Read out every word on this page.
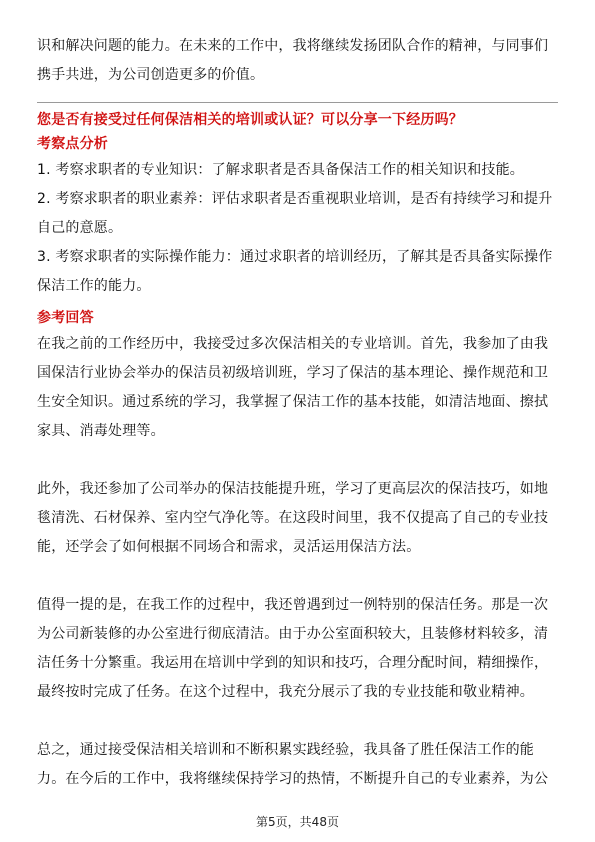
识和解决问题的能力。在未来的工作中，我将继续发扬团队合作的精神，与同事们携手共进，为公司创造更多的价值。

您是否有接受过任何保洁相关的培训或认证？可以分享一下经历吗？

考察点分析

1. 考察求职者的专业知识：了解求职者是否具备保洁工作的相关知识和技能。

2. 考察求职者的职业素养：评估求职者是否重视职业培训，是否有持续学习和提升自己的意愿。

3. 考察求职者的实际操作能力：通过求职者的培训经历，了解其是否具备实际操作保洁工作的能力。

参考回答

在我之前的工作经历中，我接受过多次保洁相关的专业培训。首先，我参加了由我国保洁行业协会举办的保洁员初级培训班，学习了保洁的基本理论、操作规范和卫生安全知识。通过系统的学习，我掌握了保洁工作的基本技能，如清洁地面、擦拭家具、消毒处理等。

此外，我还参加了公司举办的保洁技能提升班，学习了更高层次的保洁技巧，如地毯清洗、石材保养、室内空气净化等。在这段时间里，我不仅提高了自己的专业技能，还学会了如何根据不同场合和需求，灵活运用保洁方法。

值得一提的是，在我工作的过程中，我还曾遇到过一例特别的保洁任务。那是一次为公司新装修的办公室进行彻底清洁。由于办公室面积较大，且装修材料较多，清洁任务十分繁重。我运用在培训中学到的知识和技巧，合理分配时间，精细操作，最终按时完成了任务。在这个过程中，我充分展示了我的专业技能和敬业精神。

总之，通过接受保洁相关培训和不断积累实践经验，我具备了胜任保洁工作的能力。在今后的工作中，我将继续保持学习的热情，不断提升自己的专业素养，为公

第5页，共48页
